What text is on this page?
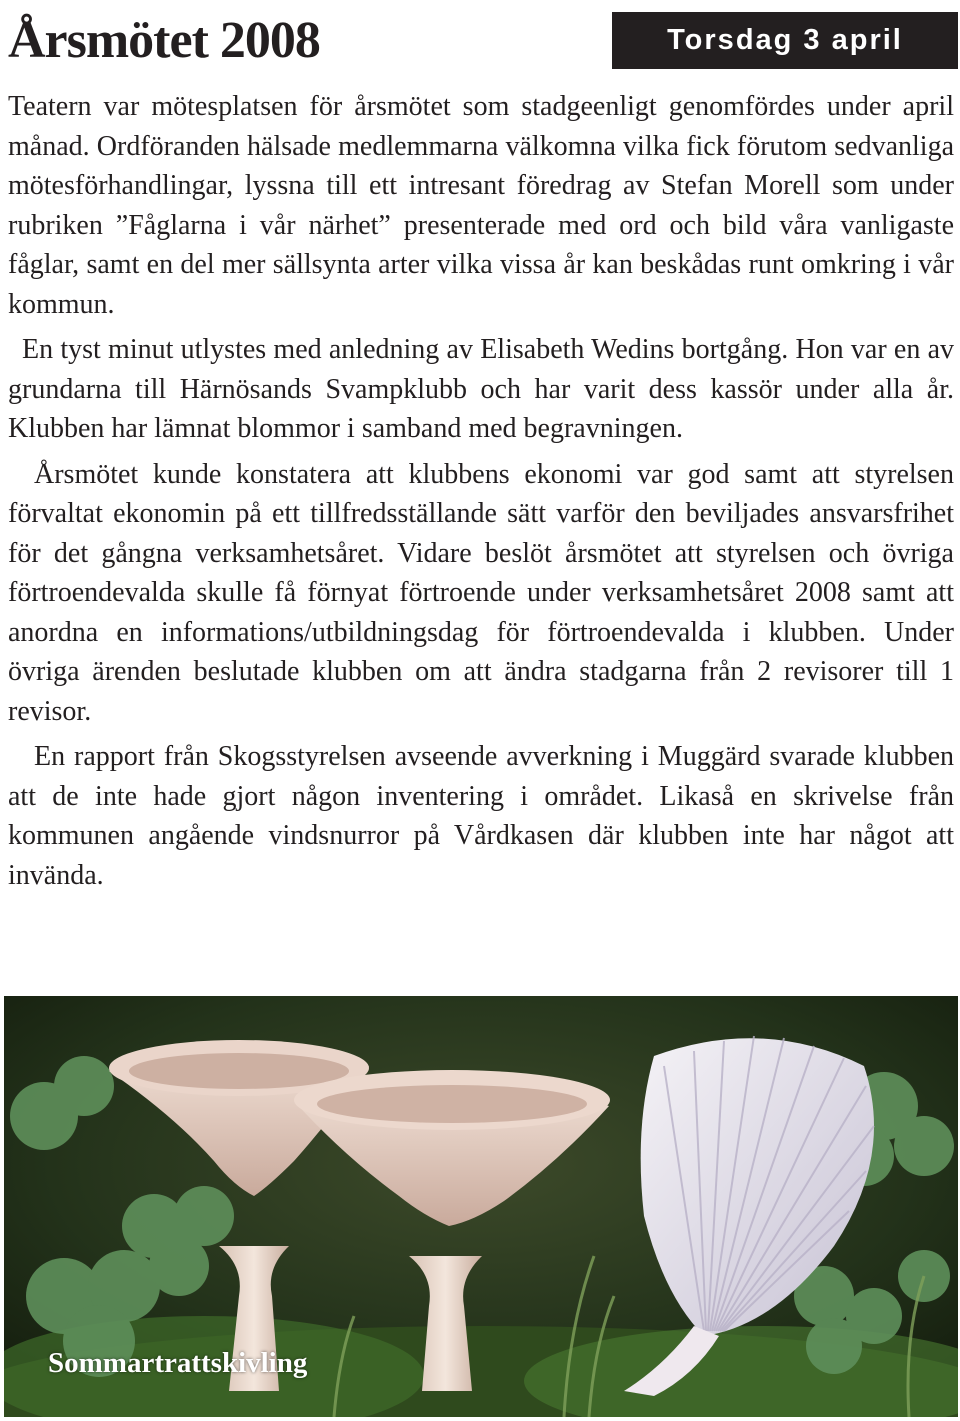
Årsmötet 2008	Torsdag 3 april

Teatern var mötesplatsen för årsmötet som stadgeenligt genomfördes under april månad. Ordföranden hälsade medlemmarna välkomna vilka fick förutom sedvanliga mötesförhandlingar, lyssna till ett intresant föredrag av Stefan Morell som under rubriken ”Fåglarna i vår närhet” presenterade med ord och bild våra vanligaste fåglar, samt en del mer sällsynta arter vilka vissa år kan beskådas runt omkring i vår kommun.

En tyst minut utlystes med anledning av Elisabeth Wedins bortgång. Hon var en av grundarna till Härnösands Svampklubb och har varit dess kassör under alla år. Klubben har lämnat blommor i samband med begravningen.

Årsmötet kunde konstatera att klubbens ekonomi var god samt att styrelsen förvaltat ekonomin på ett tillfredsställande sätt varför den beviljades ansvarsfrihet för det gångna verksamhetsåret. Vidare beslöt årsmötet att styrelsen och övriga förtroendevalda skulle få förnyat förtroende under verksamhetsåret 2008 samt att anordna en informations/utbildningsdag för förtroendevalda i klubben. Under övriga ärenden beslutade klubben om att ändra stadgarna från 2 revisorer till 1 revisor.

En rapport från Skogsstyrelsen avseende avverkning i Muggärd svarade klubben att de inte hade gjort någon inventering i området. Likaså en skrivelse från kommunen angående vindsnurror på Vårdkasen där klubben inte har något att invända.

Sommartrattskivling
